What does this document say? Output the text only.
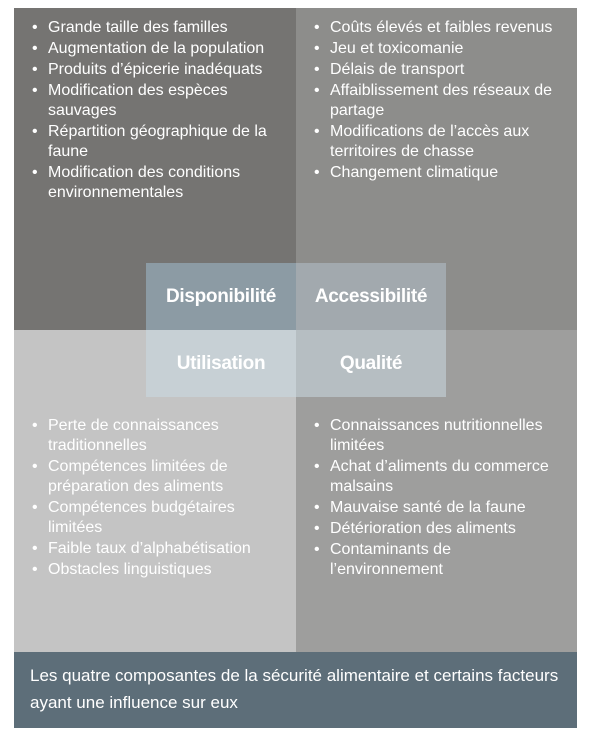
• Grande taille des familles
• Augmentation de la population
• Produits d’épicerie inadéquats
• Modification des espèces sauvages
• Répartition géographique de la faune
• Modification des conditions environnementales
• Coûts élevés et faibles revenus
• Jeu et toxicomanie
• Délais de transport
• Affaiblissement des réseaux de partage
• Modifications de l’accès aux territoires de chasse
• Changement climatique
• Perte de connaissances traditionnelles
• Compétences limitées de préparation des aliments
• Compétences budgétaires limitées
• Faible taux d’alphabétisation
• Obstacles linguistiques
• Connaissances nutritionnelles limitées
• Achat d’aliments du commerce malsains
• Mauvaise santé de la faune
• Détérioration des aliments
• Contaminants de l’environnement
Disponibilité	Accessibilité
Utilisation	Qualité
Les quatre composantes de la sécurité alimentaire et certains facteurs ayant une influence sur eux
